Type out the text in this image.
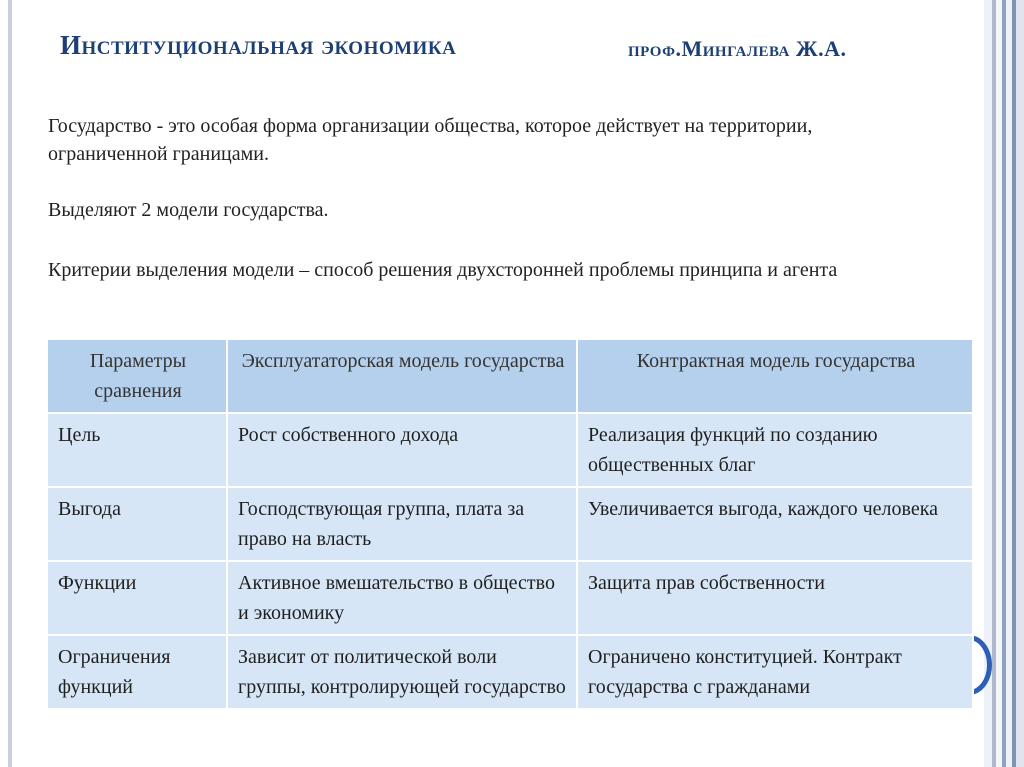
Институциональная экономика	проф.Мингалева Ж.А.
Государство - это особая форма организации общества, которое действует на территории, ограниченной границами.
Выделяют 2 модели государства.
Критерии выделения модели – способ решения двухсторонней проблемы принципа и агента
Параметры сравнения	Эксплуататорская модель государства	Контрактная модель государства
Цель	Рост собственного дохода	Реализация функций по созданию общественных благ
Выгода	Господствующая группа, плата за право на власть	Увеличивается выгода, каждого человека
Функции	Активное вмешательство в общество и экономику	Защита прав собственности
Ограничения функций	Зависит от политической воли группы, контролирующей государство	Ограничено конституцией. Контракт государства с гражданами
